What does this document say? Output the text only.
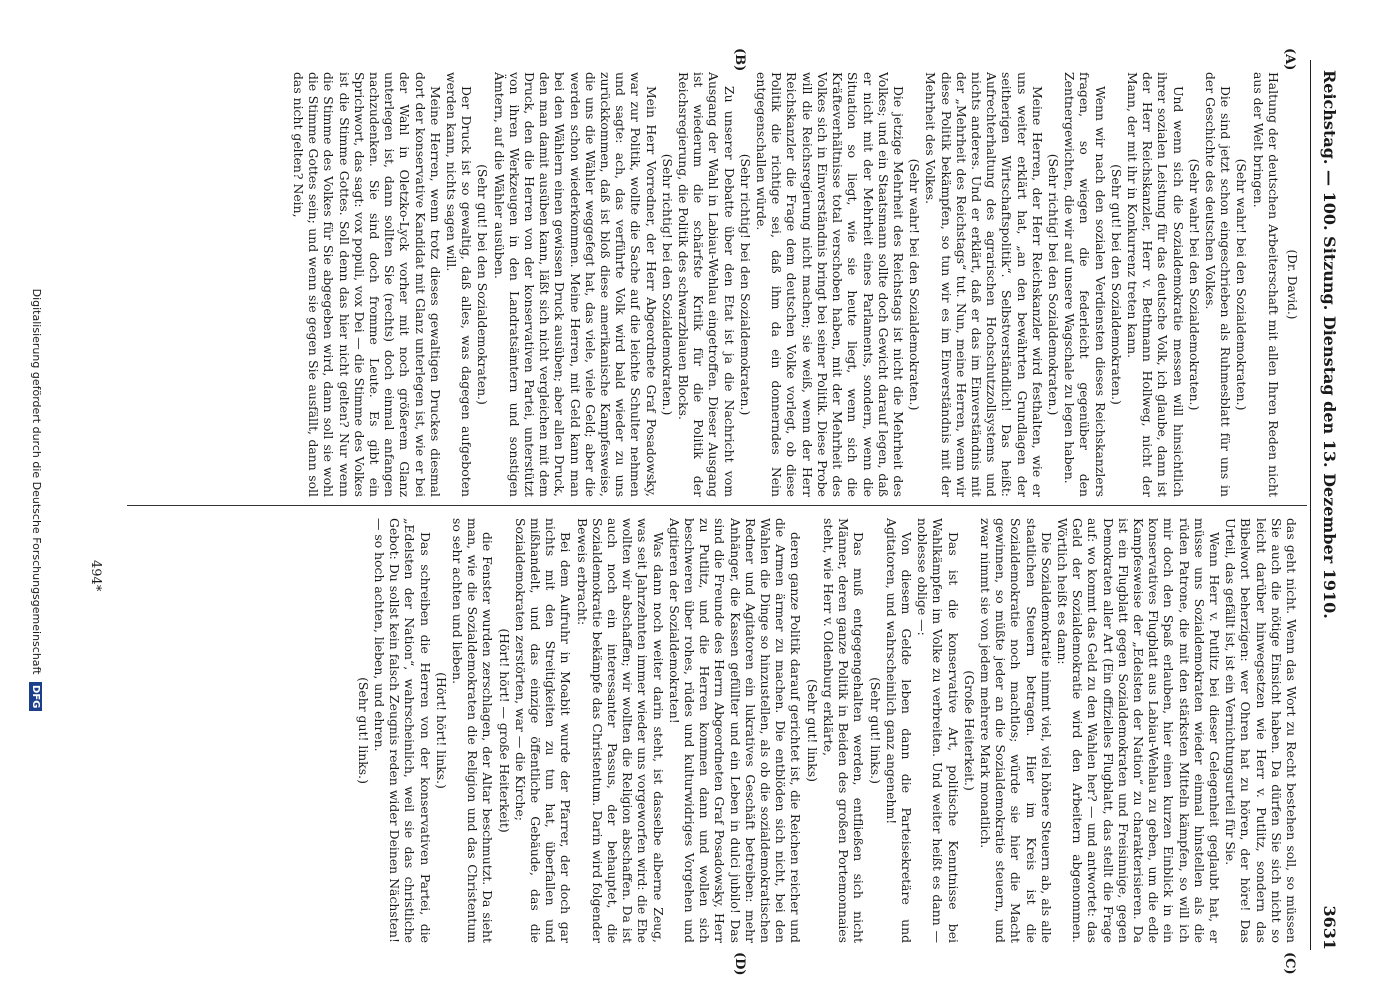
Reichstag. — 100. Sitzung. Dienstag den 13. Dezember 1910.
3631
(A)
(B)
(C)
(D)
(Dr. David.)

Haltung der deutschen Arbeiterschaft mit allen Ihren Reden nicht aus der Welt bringen.

(Sehr wahr! bei den Sozialdemokraten.)

Die sind jetzt schon eingeschrieben als Ruhmesblatt für uns in der Geschichte des deutschen Volkes.

(Sehr wahr! bei den Sozialdemokraten.)

Und wenn sich die Sozialdemokratie messen will hinsichtlich ihrer sozialen Leistung für das deutsche Volk, ich glaube, dann ist der Herr Reichskanzler, Herr v. Bethmann Hollweg, nicht der Mann, der mit ihr in Konkurrenz treten kann.

(Sehr gut! bei den Sozialdemokraten.)

Wenn wir nach den sozialen Verdiensten dieses Reichskanzlers fragen, so wiegen die federleicht gegenüber den Zentnergewichten, die wir auf unsere Wagschale zu legen haben.

(Sehr richtig! bei den Sozialdemokraten.)

Meine Herren, der Herr Reichskanzler wird festhalten, wie er uns weiter erklärt hat, „an den bewährten Grundlagen der seitherigen Wirtschaftspolitik“. Selbstverständlich! Das heißt: Aufrechterhaltung des agrarischen Hochschutzzollsystems und nichts anderes. Und er erklärt, daß er das im Einverständnis mit der „Mehrheit des Reichstags“ tut. Nun, meine Herren, wenn wir diese Politik bekämpfen, so tun wir es im Einverständnis mit der Mehrheit des Volkes.

(Sehr wahr! bei den Sozialdemokraten.)

Die jetzige Mehrheit des Reichstags ist nicht die Mehrheit des Volkes; und ein Staatsmann sollte doch Gewicht darauf legen, daß er nicht mit der Mehrheit eines Parlaments, sondern, wenn die Situation so liegt, wie sie heute liegt, wenn sich die Kräfteverhältnisse total verschoben haben, mit der Mehrheit des Volkes sich in Einverständnis bringt bei seiner Politik. Diese Probe will die Reichsregierung nicht machen; sie weiß, wenn der Herr Reichskanzler die Frage dem deutschen Volke vorlegt, ob diese Politik die richtige sei, daß ihm da ein donnerndes Nein entgegenschallen würde.

(Sehr richtig! bei den Sozialdemokraten.)

Zu unserer Debatte über den Etat ist ja die Nachricht vom Ausgang der Wahl in Labiau-Wehlau eingetroffen. Dieser Ausgang ist wiederum die schärfste Kritik für die Politik der Reichsregierung, die Politik des schwarzblauen Blocks.

(Sehr richtig! bei den Sozialdemokraten.)

Mein Herr Vorredner, der Herr Abgeordnete Graf Posadowsky, war zur Politik, wollte die Sache auf die leichte Schulter nehmen und sagte: ach, das verführte Volk wird bald wieder zu uns zurückkommen, daß ist bloß diese amerikanische Kampfesweise, die uns die Wähler weggefegt hat, das viele, viele Geld; aber die werden schon wiederkommen. Meine Herren, mit Geld kann man bei den Wählern einen gewissen Druck ausüben; aber allen Druck, den man damit ausüben kann, läßt sich nicht vergleichen mit dem Druck, den die Herren von der konservativen Partei, unterstützt von ihren Werkzeugen in den Landratsämtern und sonstigen Ämtern, auf die Wähler ausüben.

(Sehr gut! bei den Sozialdemokraten.)

Der Druck ist so gewaltig, daß alles, was dagegen aufgeboten werden kann, nichts sagen will.

Meine Herren, wenn trotz dieses gewaltigen Druckes diesmal dort der konservative Kandidat mit Glanz unterlegen ist, wie er bei der Wahl in Oletzko-Lyck vorher mit noch größerem Glanz unterlegen ist, dann sollten Sie (rechts) doch einmal anfangen nachzudenken. Sie sind doch fromme Leute. Es gibt ein Sprichwort, das sagt: vox populi, vox Dei — die Stimme des Volkes ist die Stimme Gottes. Soll denn das hier nicht gelten? Nur wenn die Stimme des Volkes für Sie abgegeben wird, dann soll sie wohl die Stimme Gottes sein; und wenn sie gegen Sie ausfällt, dann soll das nicht gelten? Nein,

das geht nicht. Wenn das Wort zu Recht bestehen soll, so müssen Sie auch die nötige Einsicht haben. Da dürfen Sie sich nicht so leicht darüber hinwegsetzen wie Herr v. Putlitz, sondern das Bibelwort beherzigen: wer Ohren hat zu hören, der höre! Das Urteil, das gefällt ist, ist ein Vernichtungsurteil für Sie.

Wenn Herr v. Putlitz bei dieser Gelegenheit geglaubt hat, er müsse uns Sozialdemokraten wieder einmal hinstellen als die rüden Patrone, die mit den stärksten Mitteln kämpfen, so will ich mir doch den Spaß erlauben, hier einen kurzen Einblick in ein konservatives Flugblatt aus Labiau-Wehlau zu geben, um die edle Kampfesweise der „Edelsten der Nation“ zu charakterisieren. Da ist ein Flugblatt gegen Sozialdemokraten und Freisinnige, gegen Demokraten aller Art (Ein offizielles Flugblatt, das stellt die Frage auf: wo kommt das Geld zu den Wahlen her? — und antwortet: das Geld der Sozialdemokratie wird den Arbeitern abgenommen. Wörtlich heißt es dann:

Die Sozialdemokratie nimmt viel, viel höhere Steuern ab, als alle staatlichen Steuern betragen. Hier im Kreis ist die Sozialdemokratie noch machtlos; würde sie hier die Macht gewinnen, so müßte jeder an die Sozialdemokratie steuern, und zwar nimmt sie von jedem mehrere Mark monatlich.

(Große Heiterkeit.)

Das ist die konservative Art, politische Kenntnisse bei Wahlkämpfen im Volke zu verbreiten. Und weiter heißt es dann — noblesse oblige —:

Von diesem Gelde leben dann die Parteisekretäre und Agitatoren, und wahrscheinlich ganz angenehm!

(Sehr gut! links.)

Das muß entgegengehalten werden, entfließen sich nicht Männer, deren ganze Politik in Beiden des großen Portemonnaies steht, wie Herr v. Oldenburg erklärte,

(Sehr gut! links)

deren ganze Politik darauf gerichtet ist, die Reichen reicher und die Armen ärmer zu machen. Die entblöden sich nicht, bei den Wahlen die Dinge so hinzustellen, als ob die sozialdemokratischen Redner und Agitatoren ein lukratives Geschäft betreiben: mehr Anhänger, die Kassen gefüllter und ein Leben in dulci jubilo! Das sind die Freunde des Herrn Abgeordneten Graf Posadowsky, Herr zu Putlitz, und die Herren kommen dann und wollen sich beschweren über rohes, rüdes und kulturwidriges Vorgehen und Agitieren der Sozialdemokraten!

Was dann noch weiter darin steht, ist dasselbe alberne Zeug, was seit Jahrzehnten immer wieder uns vorgeworfen wird: die Ehe wollten wir abschaffen; wir wollten die Religion abschaffen. Da ist auch noch ein interessanter Passus, der behauptet, die Sozialdemokratie bekämpfe das Christentum. Darin wird folgender Beweis erbracht:

Bei dem Aufruhr in Moabit wurde der Pfarrer, der doch gar nichts mit den Streitigkeiten zu tun hat, überfallen und mißhandelt, und das einzige öffentliche Gebäude, das die Sozialdemokraten zerstörten, war — die Kirche;

(Hört! hört! — große Heiterkeit)

die Fenster wurden zerschlagen, der Altar beschmutzt. Da sieht man, wie die Sozialdemokraten die Religion und das Christentum so sehr achten und lieben.

(Hört! hört! links.)

Das schreiben die Herren von der konservativen Partei, die „Edelsten der Nation“, wahrscheinlich, weil sie das christliche Gebot: Du sollst kein falsch Zeugnis reden wider Deinen Nächsten! — so hoch achten, lieben, und ehren.

(Sehr gut! links.)

494*
Digitalisierung gefördert durch die Deutsche Forschungsgemeinschaft DFG
